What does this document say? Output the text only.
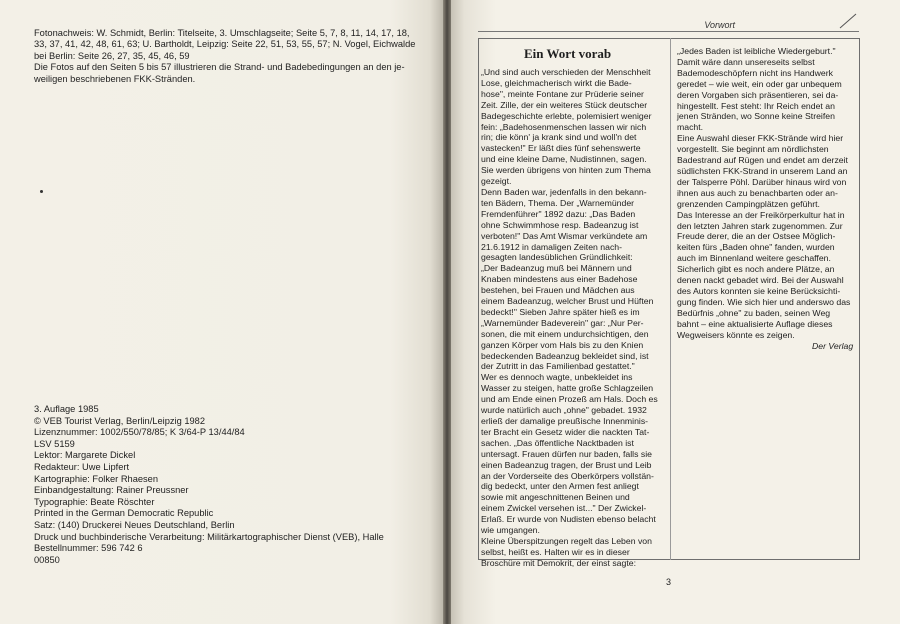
Fotonachweis: W. Schmidt, Berlin: Titelseite, 3. Umschlagseite; Seite 5, 7, 8, 11, 14, 17, 18,
33, 37, 41, 42, 48, 61, 63; U. Bartholdt, Leipzig: Seite 22, 51, 53, 55, 57; N. Vogel, Eichwalde
bei Berlin: Seite 26, 27, 35, 45, 46, 59
Die Fotos auf den Seiten 5 bis 57 illustrieren die Strand- und Badebedingungen an den je-
weiligen beschriebenen FKK-Stränden.
3. Auflage 1985
© VEB Tourist Verlag, Berlin/Leipzig 1982
Lizenznummer: 1002/550/78/85; K 3/64-P 13/44/84
LSV 5159
Lektor: Margarete Dickel
Redakteur: Uwe Lipfert
Kartographie: Folker Rhaesen
Einbandgestaltung: Rainer Preussner
Typographie: Beate Röschter
Printed in the German Democratic Republic
Satz: (140) Druckerei Neues Deutschland, Berlin
Druck und buchbinderische Verarbeitung: Militärkartographischer Dienst (VEB), Halle
Bestellnummer: 596 742 6
00850
Vorwort
Ein Wort vorab

„Und sind auch verschieden der Menschheit

Lose, gleichmacherisch wirkt die Bade-

hose", meinte Fontane zur Prüderie seiner

Zeit. Zille, der ein weiteres Stück deutscher

Badegeschichte erlebte, polemisiert weniger

fein: „Badehosenmenschen lassen wir nich

rin; die könn' ja krank sind und woll'n det

vastecken!" Er läßt dies fünf sehenswerte

und eine kleine Dame, Nudistinnen, sagen.

Sie werden übrigens von hinten zum Thema

gezeigt.

Denn Baden war, jedenfalls in den bekann-

ten Bädern, Thema. Der „Warnemünder

Fremdenführer" 1892 dazu: „Das Baden

ohne Schwimmhose resp. Badeanzug ist

verboten!" Das Amt Wismar verkündete am

21.6.1912 in damaligen Zeiten nach-

gesagten landesüblichen Gründlichkeit:

„Der Badeanzug muß bei Männern und

Knaben mindestens aus einer Badehose

bestehen, bei Frauen und Mädchen aus

einem Badeanzug, welcher Brust und Hüften

bedeckt!" Sieben Jahre später hieß es im

„Warnemünder Badeverein" gar: „Nur Per-

sonen, die mit einem undurchsichtigen, den

ganzen Körper vom Hals bis zu den Knien

bedeckenden Badeanzug bekleidet sind, ist

der Zutritt in das Familienbad gestattet."

Wer es dennoch wagte, unbekleidet ins

Wasser zu steigen, hatte große Schlagzeilen

und am Ende einen Prozeß am Hals. Doch es

wurde natürlich auch „ohne" gebadet. 1932

erließ der damalige preußische Innenminis-

ter Bracht ein Gesetz wider die nackten Tat-

sachen. „Das öffentliche Nacktbaden ist

untersagt. Frauen dürfen nur baden, falls sie

einen Badeanzug tragen, der Brust und Leib

an der Vorderseite des Oberkörpers vollstän-

dig bedeckt, unter den Armen fest anliegt

sowie mit angeschnittenen Beinen und

einem Zwickel versehen ist..." Der Zwickel-

Erlaß. Er wurde von Nudisten ebenso belacht

wie umgangen.

Kleine Überspitzungen regelt das Leben von

selbst, heißt es. Halten wir es in dieser

Broschüre mit Demokrit, der einst sagte:

„Jedes Baden ist leibliche Wiedergeburt."

Damit wäre dann unsereseits selbst

Bademodeschöpfern nicht ins Handwerk

geredet – wie weit, ein oder gar unbequem

deren Vorgaben sich präsentieren, sei da-

hingestellt. Fest steht: Ihr Reich endet an

jenen Stränden, wo Sonne keine Streifen

macht.

Eine Auswahl dieser FKK-Strände wird hier

vorgestellt. Sie beginnt am nördlichsten

Badestrand auf Rügen und endet am derzeit

südlichsten FKK-Strand in unserem Land an

der Talsperre Pöhl. Darüber hinaus wird von

ihnen aus auch zu benachbarten oder an-

grenzenden Campingplätzen geführt.

Das Interesse an der Freikörperkultur hat in

den letzten Jahren stark zugenommen. Zur

Freude derer, die an der Ostsee Möglich-

keiten fürs „Baden ohne" fanden, wurden

auch im Binnenland weitere geschaffen.

Sicherlich gibt es noch andere Plätze, an

denen nackt gebadet wird. Bei der Auswahl

des Autors konnten sie keine Berücksichti-

gung finden. Wie sich hier und anderswo das

Bedürfnis „ohne" zu baden, seinen Weg

bahnt – eine aktualisierte Auflage dieses

Wegweisers könnte es zeigen.

Der Verlag
3
